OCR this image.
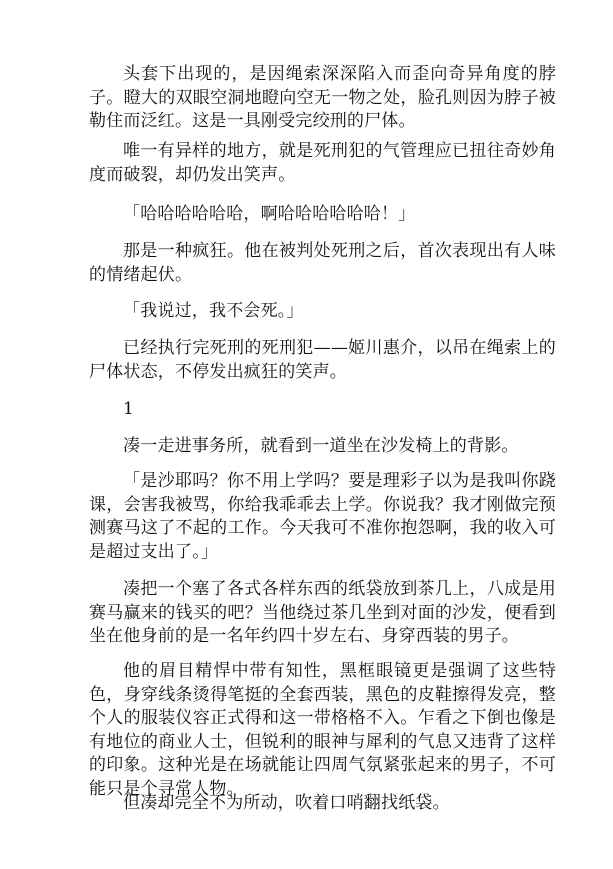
头套下出现的，是因绳索深深陷入而歪向奇异角度的脖子。瞪大的双眼空洞地瞪向空无一物之处，脸孔则因为脖子被勒住而泛红。这是一具刚受完绞刑的尸体。

唯一有异样的地方，就是死刑犯的气管理应已扭往奇妙角度而破裂，却仍发出笑声。

「哈哈哈哈哈哈，啊哈哈哈哈哈哈！」

那是一种疯狂。他在被判处死刑之后，首次表现出有人味的情绪起伏。

「我说过，我不会死。」

已经执行完死刑的死刑犯——姬川惠介，以吊在绳索上的尸体状态，不停发出疯狂的笑声。

1

凑一走进事务所，就看到一道坐在沙发椅上的背影。

「是沙耶吗？你不用上学吗？要是理彩子以为是我叫你跷课，会害我被骂，你给我乖乖去上学。你说我？我才刚做完预测赛马这了不起的工作。今天我可不准你抱怨啊，我的收入可是超过支出了。」

凑把一个塞了各式各样东西的纸袋放到茶几上，八成是用赛马赢来的钱买的吧？当他绕过茶几坐到对面的沙发，便看到坐在他身前的是一名年约四十岁左右、身穿西装的男子。

他的眉目精悍中带有知性，黑框眼镜更是强调了这些特色，身穿线条烫得笔挺的全套西装，黑色的皮鞋擦得发亮，整个人的服装仪容正式得和这一带格格不入。乍看之下倒也像是有地位的商业人士，但锐利的眼神与犀利的气息又违背了这样的印象。这种光是在场就能让四周气氛紧张起来的男子，不可能只是个寻常人物。

但凑却完全不为所动，吹着口哨翻找纸袋。
